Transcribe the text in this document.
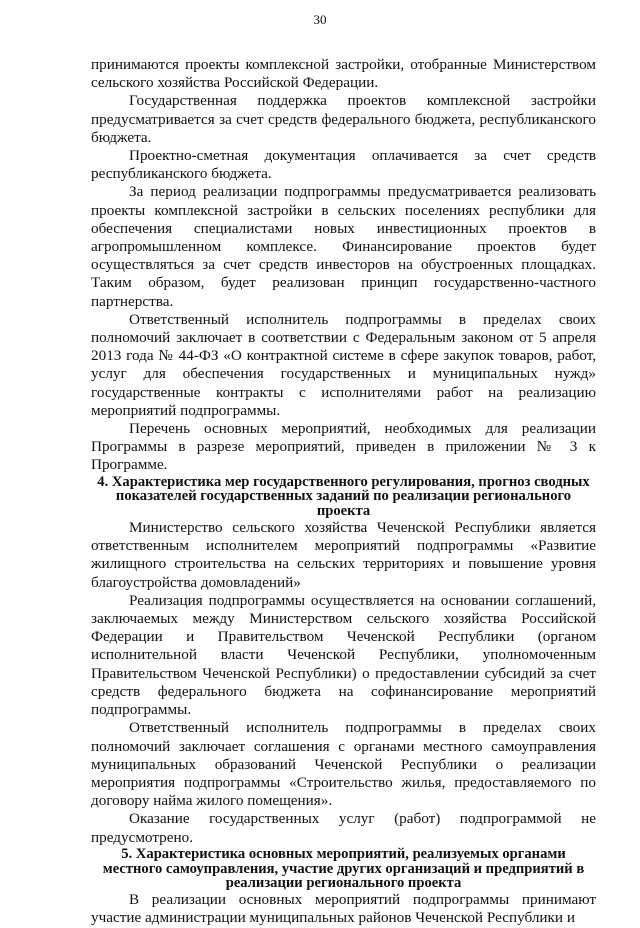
30

принимаются проекты комплексной застройки, отобранные Министерством сельского хозяйства Российской Федерации.

Государственная поддержка проектов комплексной застройки предусматривается за счет средств федерального бюджета, республиканского бюджета.

Проектно-сметная документация оплачивается за счет средств республиканского бюджета.

За период реализации подпрограммы предусматривается реализовать проекты комплексной застройки в сельских поселениях республики для обеспечения специалистами новых инвестиционных проектов в агропромышленном комплексе. Финансирование проектов будет осуществляться за счет средств инвесторов на обустроенных площадках. Таким образом, будет реализован принцип государственно-частного партнерства.

Ответственный исполнитель подпрограммы в пределах своих полномочий заключает в соответствии с Федеральным законом от 5 апреля 2013 года № 44-ФЗ «О контрактной системе в сфере закупок товаров, работ, услуг для обеспечения государственных и муниципальных нужд» государственные контракты с исполнителями работ на реализацию мероприятий подпрограммы.

Перечень основных мероприятий, необходимых для реализации Программы в разрезе мероприятий, приведен в приложении № 3 к Программе.

4. Характеристика мер государственного регулирования, прогноз сводных показателей государственных заданий по реализации регионального проекта

Министерство сельского хозяйства Чеченской Республики является ответственным исполнителем мероприятий подпрограммы «Развитие жилищного строительства на сельских территориях и повышение уровня благоустройства домовладений»

Реализация подпрограммы осуществляется на основании соглашений, заключаемых между Министерством сельского хозяйства Российской Федерации и Правительством Чеченской Республики (органом исполнительной власти Чеченской Республики, уполномоченным Правительством Чеченской Республики) о предоставлении субсидий за счет средств федерального бюджета на софинансирование мероприятий подпрограммы.

Ответственный исполнитель подпрограммы в пределах своих полномочий заключает соглашения с органами местного самоуправления муниципальных образований Чеченской Республики о реализации мероприятия подпрограммы «Строительство жилья, предоставляемого по договору найма жилого помещения».

Оказание государственных услуг (работ) подпрограммой не предусмотрено.

5. Характеристика основных мероприятий, реализуемых органами местного самоуправления, участие других организаций и предприятий в реализации регионального проекта

В реализации основных мероприятий подпрограммы принимают участие администрации муниципальных районов Чеченской Республики и
